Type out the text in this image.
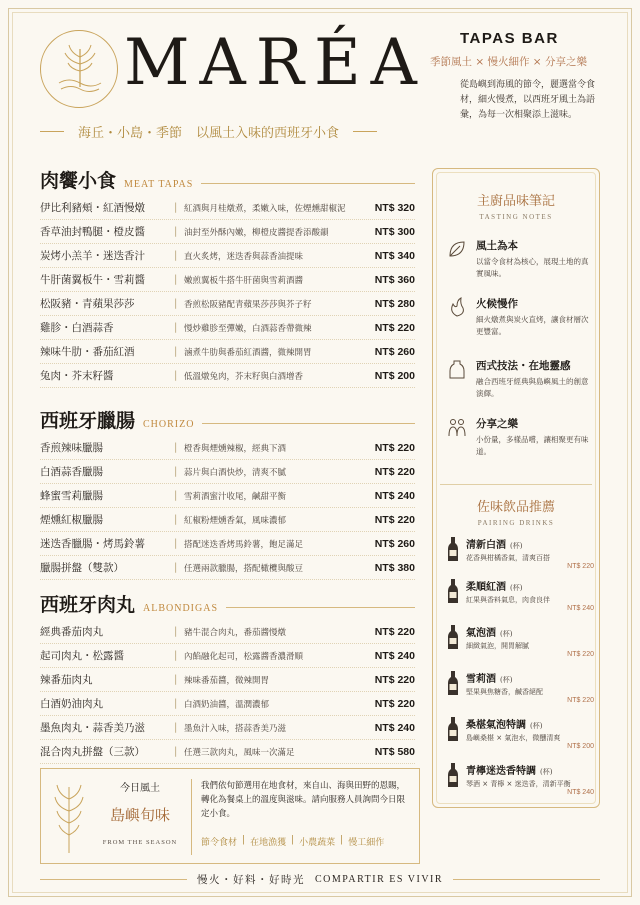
MARÉA
海丘・小島・季節 以風土入味的西班牙小食
TAPAS BAR
季節風土 × 慢火細作 × 分享之樂
從島嶼到海風的節令，麗選當令食材，細火慢煮，以西班牙風土為語彙，為每一次相聚添上滋味。
肉饗小食 MEAT TAPAS
伊比利豬頰・紅酒慢燉	| 紅酒與月桂燉煮，柔嫩入味，佐煙燻甜椒泥	NT$ 320
香草油封鴨腿・橙皮醬	| 油封至外酥內嫩，柳橙皮醬提香添酸韻	NT$ 300
炭烤小羔羊・迷迭香汁	| 直火炙烤，迷迭香與蒜香油提味	NT$ 340
牛肝菌翼板牛・雪莉醬	| 嫩煎翼板牛搭牛肝菌與雪莉酒醬	NT$ 360
松阪豬・青蘋果莎莎	| 香煎松阪豬配青蘋果莎莎與芥子籽	NT$ 280
雞胗・白酒蒜香	| 慢炒雞胗至彈嫩，白酒蒜香帶微辣	NT$ 220
辣味牛肋・番茄紅酒	| 滷煮牛肋與番茄紅酒醬，微辣開胃	NT$ 260
兔肉・芥末籽醬	| 低溫燉兔肉，芥末籽與白酒增香	NT$ 200
西班牙臘腸 CHORIZO
香煎辣味臘腸	| 橙香與煙燻辣椒，經典下酒	NT$ 220
白酒蒜香臘腸	| 蒜片與白酒快炒，清爽不膩	NT$ 220
蜂蜜雪莉臘腸	| 雪莉酒蜜汁收尾，鹹甜平衡	NT$ 240
煙燻紅椒臘腸	| 紅椒粉煙燻香氣，風味濃郁	NT$ 220
迷迭香臘腸・烤馬鈴薯	| 搭配迷迭香烤馬鈴薯，飽足滿足	NT$ 260
臘腸拼盤（雙款）	| 任選兩款臘腸，搭配橄欖與酸豆	NT$ 380
西班牙肉丸 ALBONDIGAS
經典番茄肉丸	| 豬牛混合肉丸，番茄醬慢燉	NT$ 220
起司肉丸・松露醬	| 內餡融化起司，松露醬香濃滑順	NT$ 240
辣番茄肉丸	| 辣味番茄醬，微辣開胃	NT$ 220
白酒奶油肉丸	| 白酒奶油醬，溫潤濃郁	NT$ 220
墨魚肉丸・蒜香美乃滋	| 墨魚汁入味，搭蒜香美乃滋	NT$ 240
混合肉丸拼盤（三款）	| 任選三款肉丸，風味一次滿足	NT$ 580
主廚品味筆記
TASTING NOTES
風土為本
以當令食材為核心，展現土地的真實風味。
火候慢作
細火燉煮與炭火直烤，讓食材層次更豐富。
西式技法・在地靈感
融合西班牙經典與島嶼風土的創意演繹。
分享之樂
小份量，多樣品嚐，讓相聚更有味道。
佐味飲品推薦
PAIRING DRINKS
清新白酒 (杯)
花香與柑橘香氣，清爽百搭
NT$ 220
柔順紅酒 (杯)
紅果與香料氣息，肉食良伴
NT$ 240
氣泡酒 (杯)
細緻氣泡，開胃解膩
NT$ 220
雪莉酒 (杯)
堅果與焦糖香，鹹香絕配
NT$ 220
桑椹氣泡特調 (杯)
島嶼桑椹 × 氣泡水，微醺清爽
NT$ 200
青檸迷迭香特調 (杯)
琴酒 × 青檸 × 迷迭香，清新平衡
NT$ 240
今日風土
島嶼旬味
FROM THE SEASON
我們依旬節選用在地食材，來自山、海與田野的恩賜，轉化為餐桌上的溫度與滋味。請向服務人員詢問今日限定小食。
節令食材 | 在地漁獲 | 小農蔬菜 | 慢工細作
慢火・好料・好時光 COMPARTIR ES VIVIR
